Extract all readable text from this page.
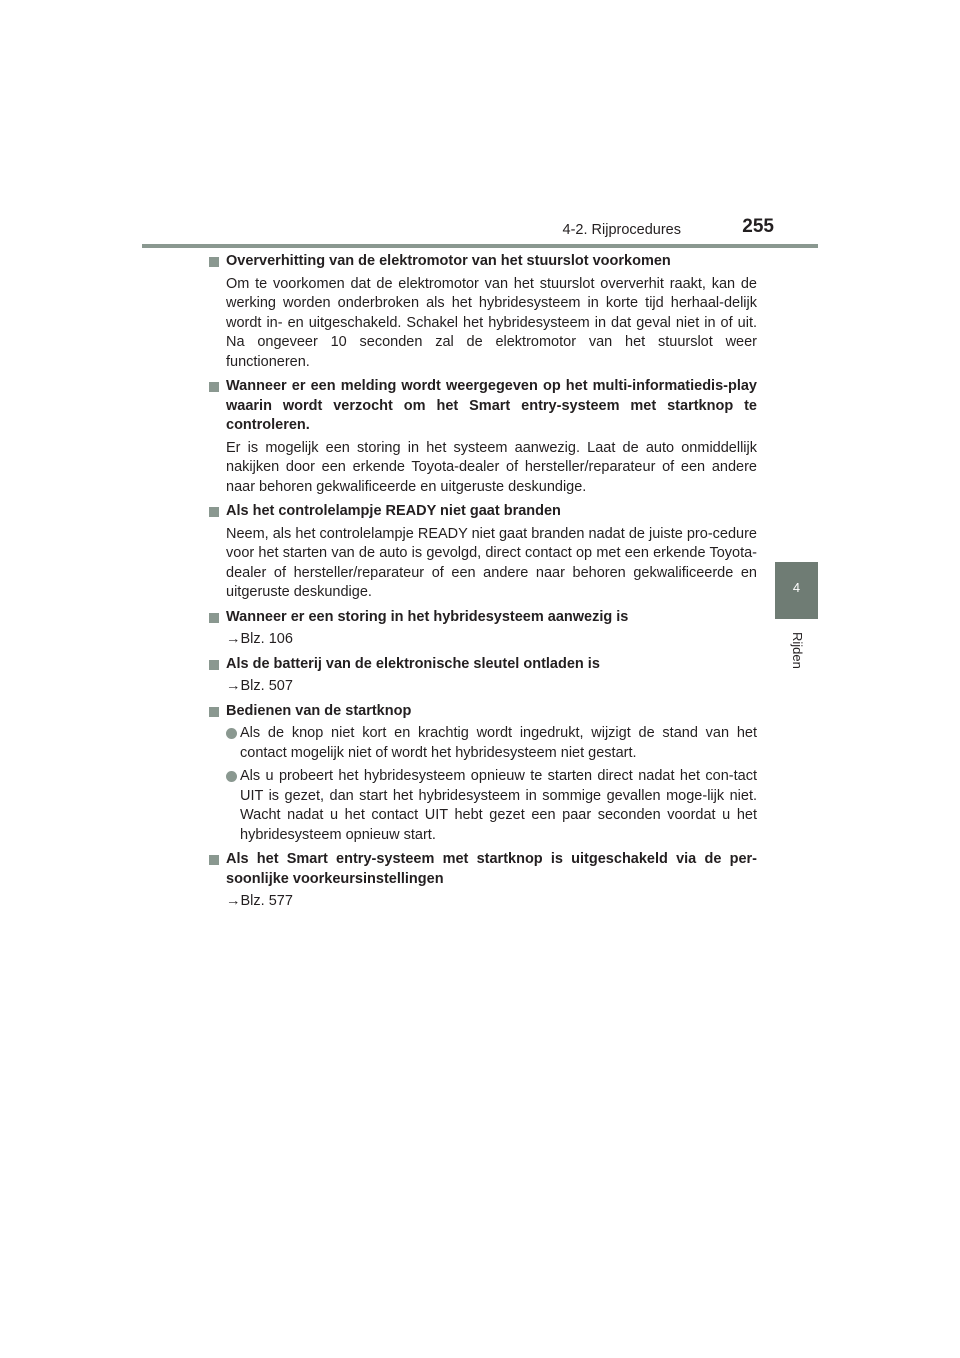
4-2. Rijprocedures	255
4
Rijden

Oververhitting van de elektromotor van het stuurslot voorkomen

Om te voorkomen dat de elektromotor van het stuurslot oververhit raakt, kan de werking worden onderbroken als het hybridesysteem in korte tijd herhaal-delijk wordt in- en uitgeschakeld. Schakel het hybridesysteem in dat geval niet in of uit. Na ongeveer 10 seconden zal de elektromotor van het stuurslot weer functioneren.

Wanneer er een melding wordt weergegeven op het multi-informatiedis-play waarin wordt verzocht om het Smart entry-systeem met startknop te controleren.

Er is mogelijk een storing in het systeem aanwezig. Laat de auto onmiddellijk nakijken door een erkende Toyota-dealer of hersteller/reparateur of een andere naar behoren gekwalificeerde en uitgeruste deskundige.

Als het controlelampje READY niet gaat branden

Neem, als het controlelampje READY niet gaat branden nadat de juiste pro-cedure voor het starten van de auto is gevolgd, direct contact op met een erkende Toyota-dealer of hersteller/reparateur of een andere naar behoren gekwalificeerde en uitgeruste deskundige.

Wanneer er een storing in het hybridesysteem aanwezig is

→Blz. 106

Als de batterij van de elektronische sleutel ontladen is

→Blz. 507

Bedienen van de startknop

Als de knop niet kort en krachtig wordt ingedrukt, wijzigt de stand van het contact mogelijk niet of wordt het hybridesysteem niet gestart.

Als u probeert het hybridesysteem opnieuw te starten direct nadat het con-tact UIT is gezet, dan start het hybridesysteem in sommige gevallen moge-lijk niet. Wacht nadat u het contact UIT hebt gezet een paar seconden voordat u het hybridesysteem opnieuw start.

Als het Smart entry-systeem met startknop is uitgeschakeld via de per-soonlijke voorkeursinstellingen

→Blz. 577
